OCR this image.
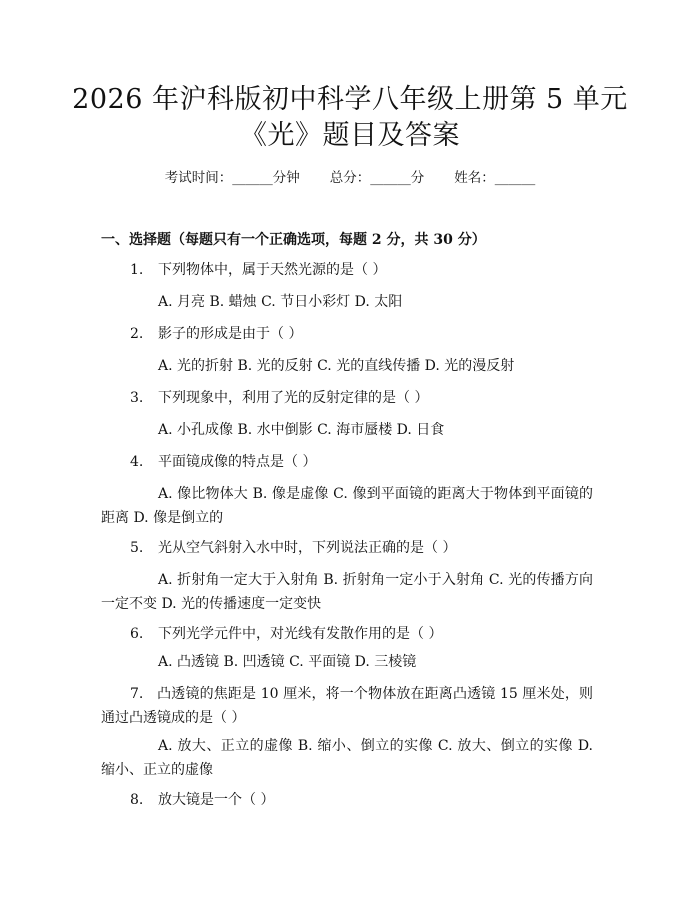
2026 年沪科版初中科学八年级上册第 5 单元
《光》题目及答案
考试时间：______分钟 总分：______分 姓名：______
一、选择题（每题只有一个正确选项，每题 2 分，共 30 分）
1. 下列物体中，属于天然光源的是（ ）
A. 月亮 B. 蜡烛 C. 节日小彩灯 D. 太阳
2. 影子的形成是由于（ ）
A. 光的折射 B. 光的反射 C. 光的直线传播 D. 光的漫反射
3. 下列现象中，利用了光的反射定律的是（ ）
A. 小孔成像 B. 水中倒影 C. 海市蜃楼 D. 日食
4. 平面镜成像的特点是（ ）
A. 像比物体大 B. 像是虚像 C. 像到平面镜的距离大于物体到平面镜的距离 D. 像是倒立的
5. 光从空气斜射入水中时，下列说法正确的是（ ）
A. 折射角一定大于入射角 B. 折射角一定小于入射角 C. 光的传播方向一定不变 D. 光的传播速度一定变快
6. 下列光学元件中，对光线有发散作用的是（ ）
A. 凸透镜 B. 凹透镜 C. 平面镜 D. 三棱镜
7. 凸透镜的焦距是 10 厘米，将一个物体放在距离凸透镜 15 厘米处，则通过凸透镜成的是（ ）
A. 放大、正立的虚像 B. 缩小、倒立的实像 C. 放大、倒立的实像 D. 缩小、正立的虚像
8. 放大镜是一个（ ）
